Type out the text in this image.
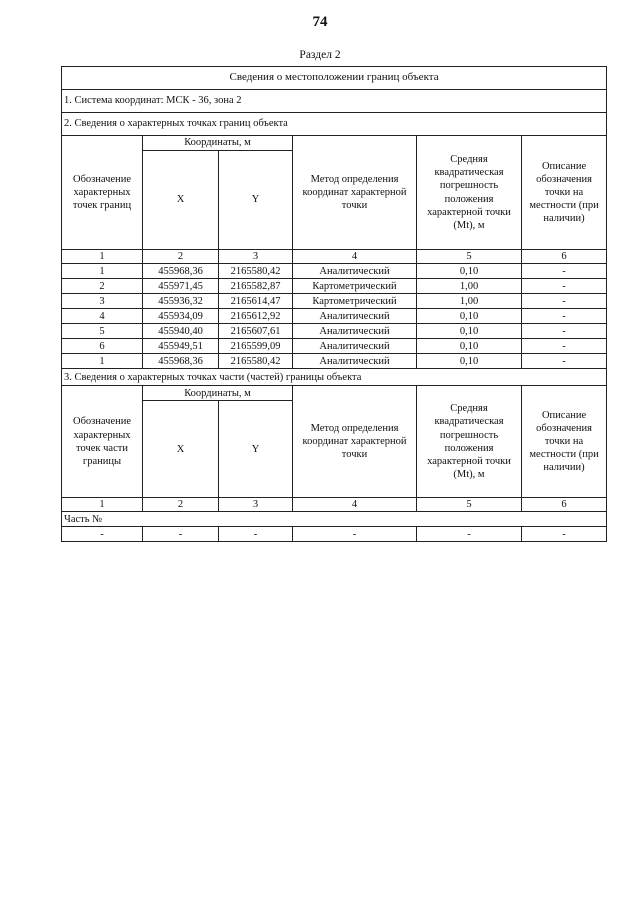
74
Раздел 2
Сведения о местоположении границ объекта					
1. Система координат: МСК - 36, зона 2					
2. Сведения о характерных точках границ объекта					
Обозначение характерных точек границ	Координаты, м		Метод определения координат характерной точки	Средняя квадратическая погрешность положения характерной точки (Mt), м	Описание обозначения точки на местности (при наличии)
	X	Y			
1	2	3	4	5	6
1	455968,36	2165580,42	Аналитический	0,10	-
2	455971,45	2165582,87	Картометрический	1,00	-
3	455936,32	2165614,47	Картометрический	1,00	-
4	455934,09	2165612,92	Аналитический	0,10	-
5	455940,40	2165607,61	Аналитический	0,10	-
6	455949,51	2165599,09	Аналитический	0,10	-
1	455968,36	2165580,42	Аналитический	0,10	-
3. Сведения о характерных точках части (частей) границы объекта					
Обозначение характерных точек части границы	Координаты, м		Метод определения координат характерной точки	Средняя квадратическая погрешность положения характерной точки (Mt), м	Описание обозначения точки на местности (при наличии)
	X	Y			
1	2	3	4	5	6
Часть №					
-	-	-	-	-	-
